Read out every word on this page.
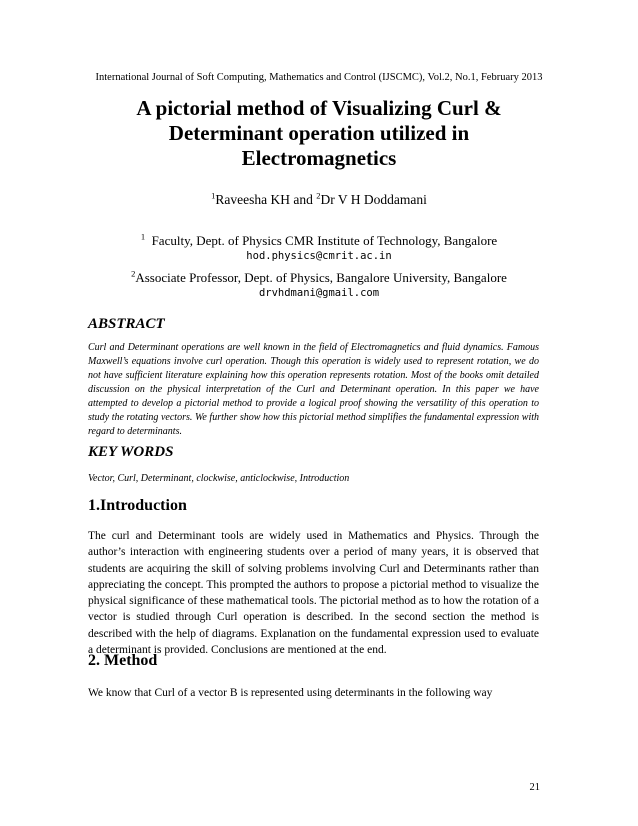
International Journal of Soft Computing, Mathematics and Control (IJSCMC), Vol.2, No.1, February 2013
A pictorial method of Visualizing Curl &
Determinant operation utilized in
Electromagnetics
$^1$Raveesha KH and $^2$Dr V H Doddamani
$^1$ Faculty, Dept. of Physics CMR Institute of Technology, Bangalore
hod.physics@cmrit.ac.in
$^2$Associate Professor, Dept. of Physics, Bangalore University, Bangalore
drvhdmani@gmail.com
ABSTRACT
Curl and Determinant operations are well known in the field of Electromagnetics and fluid dynamics. Famous Maxwell’s equations involve curl operation. Though this operation is widely used to represent rotation, we do not have sufficient literature explaining how this operation represents rotation. Most of the books omit detailed discussion on the physical interpretation of the Curl and Determinant operation. In this paper we have attempted to develop a pictorial method to provide a logical proof showing the versatility of this operation to study the rotating vectors. We further show how this pictorial method simplifies the fundamental expression with regard to determinants.
KEY WORDS
Vector, Curl, Determinant, clockwise, anticlockwise, Introduction
1.Introduction
The curl and Determinant tools are widely used in Mathematics and Physics. Through the author’s interaction with engineering students over a period of many years, it is observed that students are acquiring the skill of solving problems involving Curl and Determinants rather than appreciating the concept. This prompted the authors to propose a pictorial method to visualize the physical significance of these mathematical tools. The pictorial method as to how the rotation of a vector is studied through Curl operation is described. In the second section the method is described with the help of diagrams. Explanation on the fundamental expression used to evaluate a determinant is provided. Conclusions are mentioned at the end.
2. Method
We know that Curl of a vector B is represented using determinants in the following way
21
